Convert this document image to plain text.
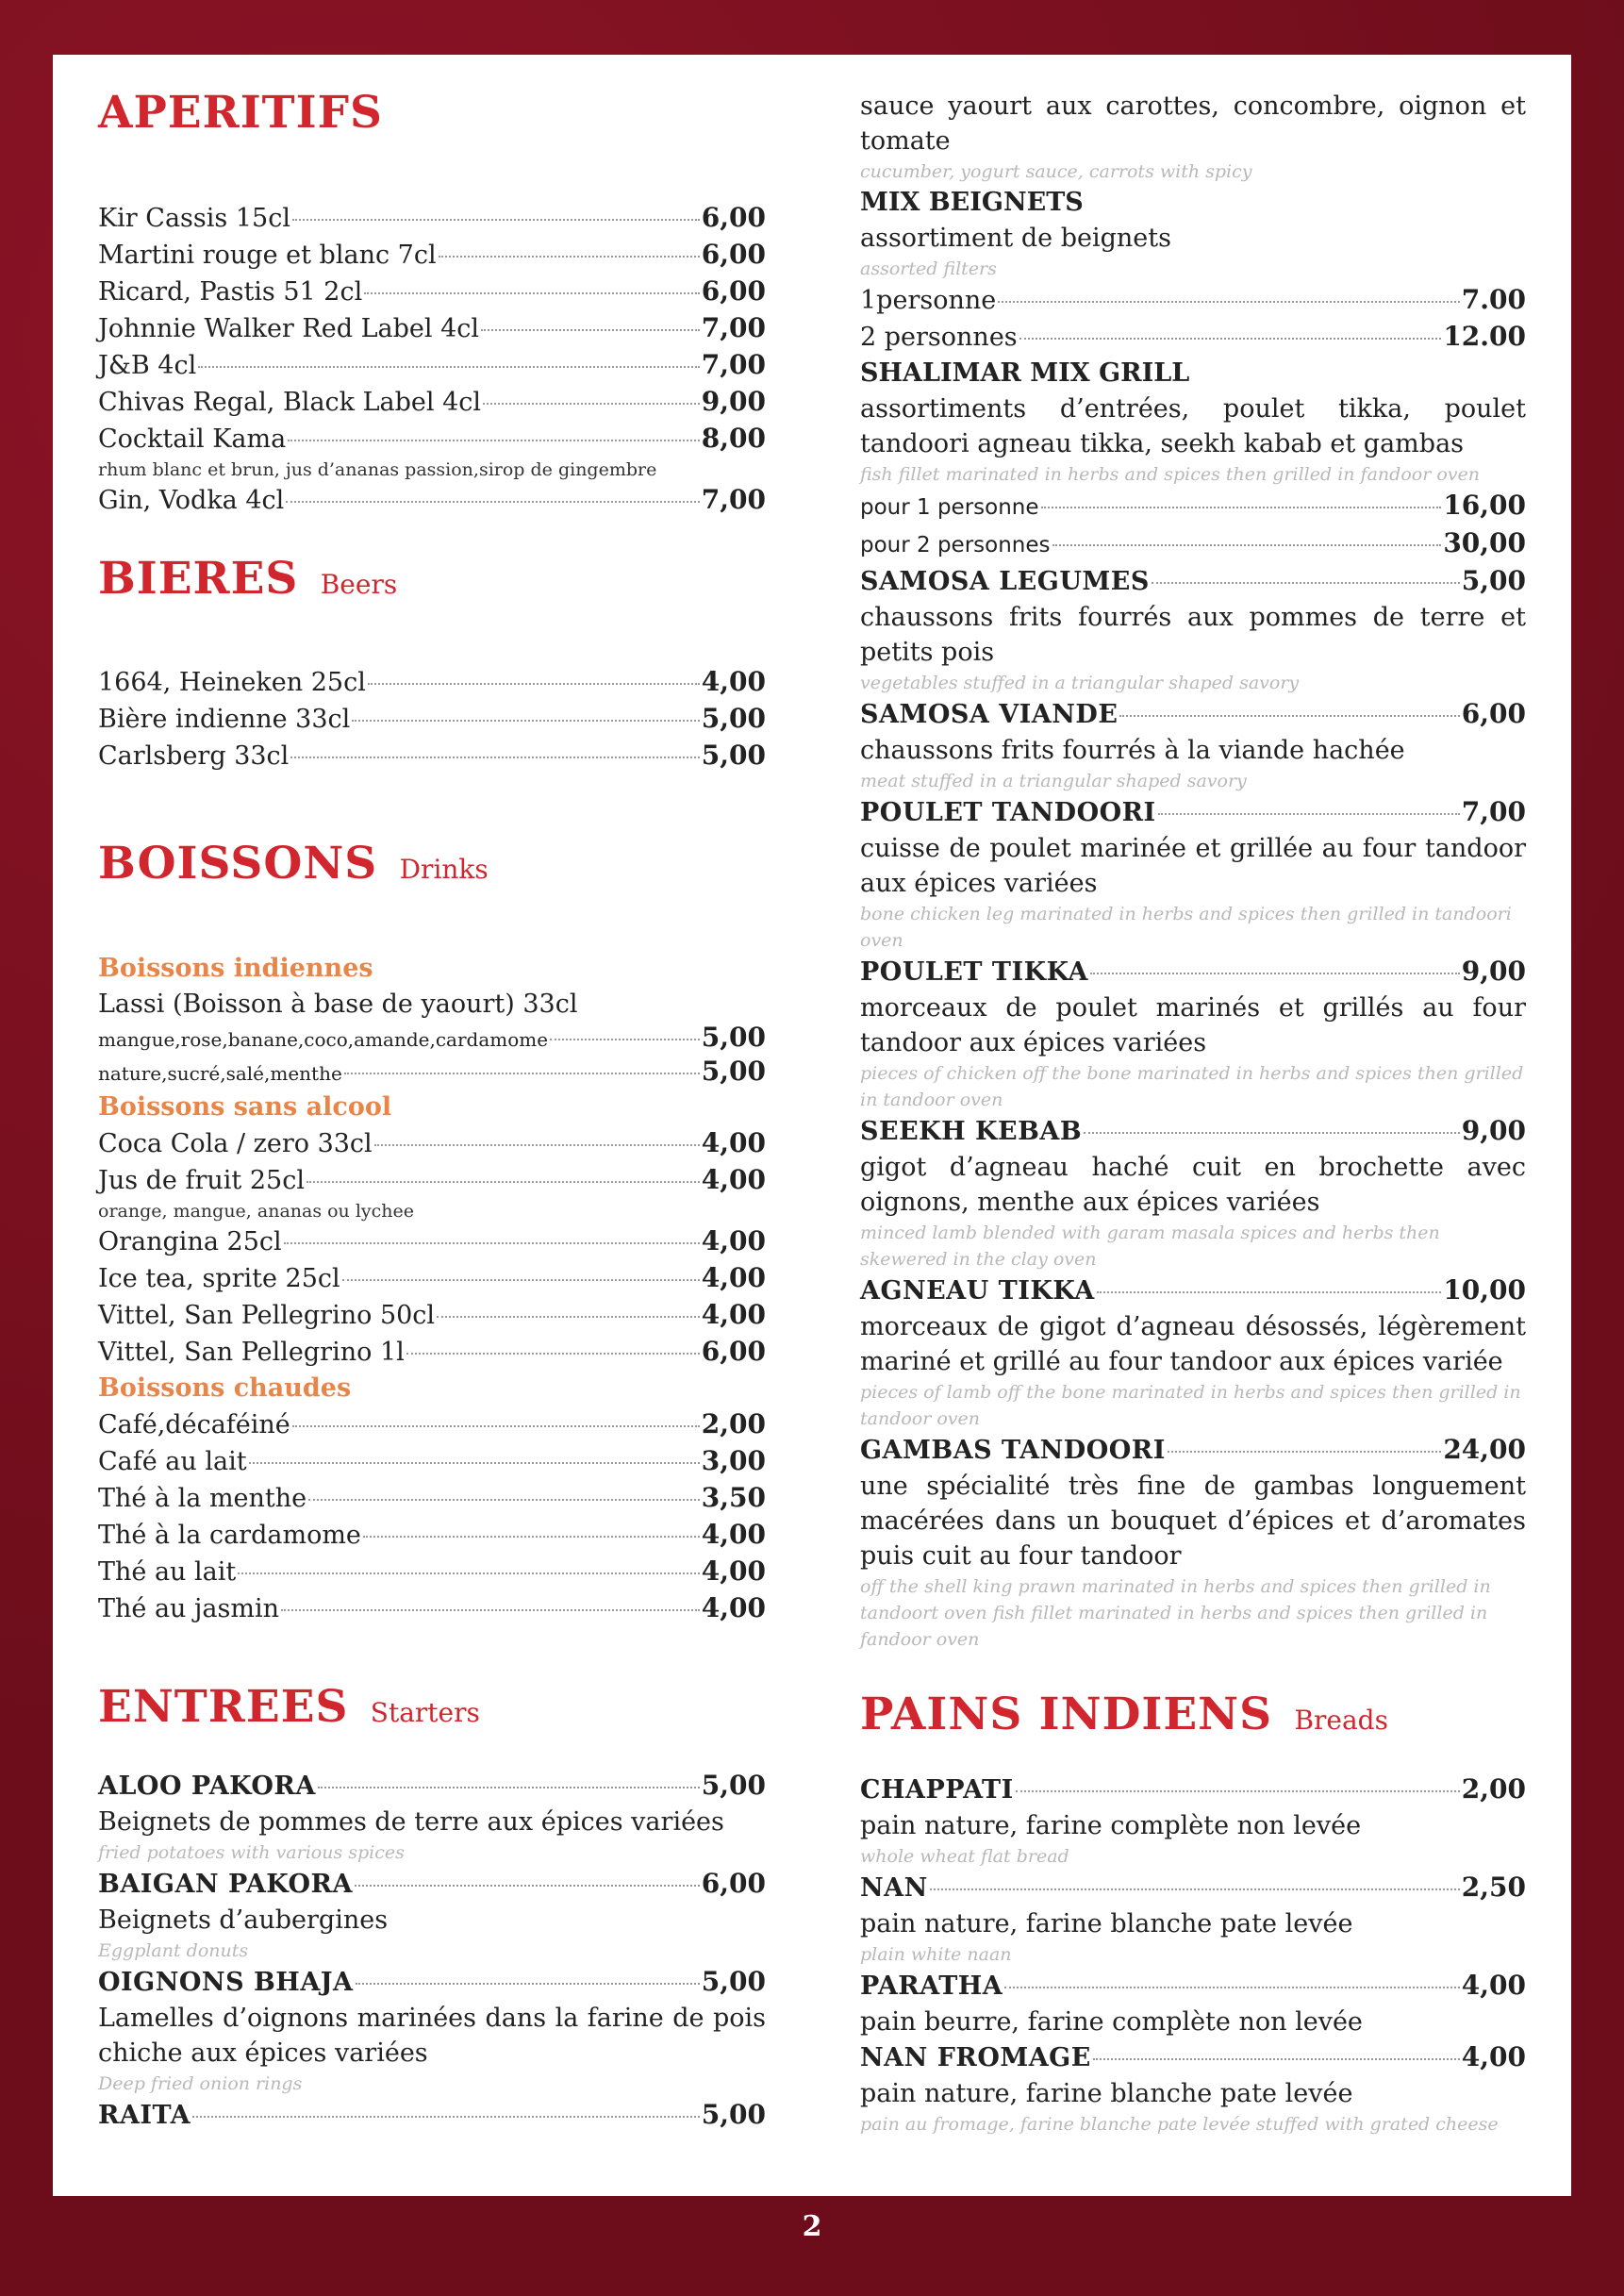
APERITIFS
Kir Cassis 15cl	6,00
Martini rouge et blanc 7cl	6,00
Ricard, Pastis 51 2cl	6,00
Johnnie Walker Red Label 4cl	7,00
J&B 4cl	7,00
Chivas Regal, Black Label 4cl	9,00
Cocktail Kama	8,00
rhum blanc et brun, jus d’ananas passion,sirop de gingembre
Gin, Vodka 4cl	7,00
BIERES Beers
1664, Heineken 25cl	4,00
Bière indienne 33cl	5,00
Carlsberg 33cl	5,00
BOISSONS Drinks
Boissons indiennes
Lassi (Boisson à base de yaourt) 33cl
mangue,rose,banane,coco,amande,cardamome	5,00
nature,sucré,salé,menthe	5,00
Boissons sans alcool
Coca Cola / zero 33cl	4,00
Jus de fruit 25cl	4,00
orange, mangue, ananas ou lychee
Orangina 25cl	4,00
Ice tea, sprite 25cl	4,00
Vittel, San Pellegrino 50cl	4,00
Vittel, San Pellegrino 1l	6,00
Boissons chaudes
Café,décaféiné	2,00
Café au lait	3,00
Thé à la menthe	3,50
Thé à la cardamome	4,00
Thé au lait	4,00
Thé au jasmin	4,00
ENTREES Starters
ALOO PAKORA	5,00
Beignets de pommes de terre aux épices variées
fried potatoes with various spices
BAIGAN PAKORA	6,00
Beignets d’aubergines
Eggplant donuts
OIGNONS BHAJA	5,00
Lamelles d’oignons marinées dans la farine de pois chiche aux épices variées
Deep fried onion rings
RAITA	5,00
sauce yaourt aux carottes, concombre, oignon et tomate
cucumber, yogurt sauce, carrots with spicy
MIX BEIGNETS
assortiment de beignets
assorted filters
1personne	7.00
2 personnes	12.00
SHALIMAR MIX GRILL
assortiments d’entrées, poulet tikka, poulet tandoori agneau tikka, seekh kabab et gambas
fish fillet marinated in herbs and spices then grilled in fandoor oven
pour 1 personne	16,00
pour 2 personnes	30,00
SAMOSA LEGUMES	5,00
chaussons frits fourrés aux pommes de terre et petits pois
vegetables stuffed in a triangular shaped savory
SAMOSA VIANDE	6,00
chaussons frits fourrés à la viande hachée
meat stuffed in a triangular shaped savory
POULET TANDOORI	7,00
cuisse de poulet marinée et grillée au four tandoor aux épices variées
bone chicken leg marinated in herbs and spices then grilled in tandoori oven
POULET TIKKA	9,00
morceaux de poulet marinés et grillés au four tandoor aux épices variées
pieces of chicken off the bone marinated in herbs and spices then grilled in tandoor oven
SEEKH KEBAB	9,00
gigot d’agneau haché cuit en brochette avec oignons, menthe aux épices variées
minced lamb blended with garam masala spices and herbs then skewered in the clay oven
AGNEAU TIKKA	10,00
morceaux de gigot d’agneau désossés, légèrement mariné et grillé au four tandoor aux épices variée
pieces of lamb off the bone marinated in herbs and spices then grilled in tandoor oven
GAMBAS TANDOORI	24,00
une spécialité très fine de gambas longuement macérées dans un bouquet d’épices et d’aromates puis cuit au four tandoor
off the shell king prawn marinated in herbs and spices then grilled in tandoort oven fish fillet marinated in herbs and spices then grilled in fandoor oven
PAINS INDIENS Breads
CHAPPATI	2,00
pain nature, farine complète non levée
whole wheat flat bread
NAN	2,50
pain nature, farine blanche pate levée
plain white naan
PARATHA	4,00
pain beurre, farine complète non levée
NAN FROMAGE	4,00
pain nature, farine blanche pate levée
pain au fromage, farine blanche pate levée stuffed with grated cheese
2
